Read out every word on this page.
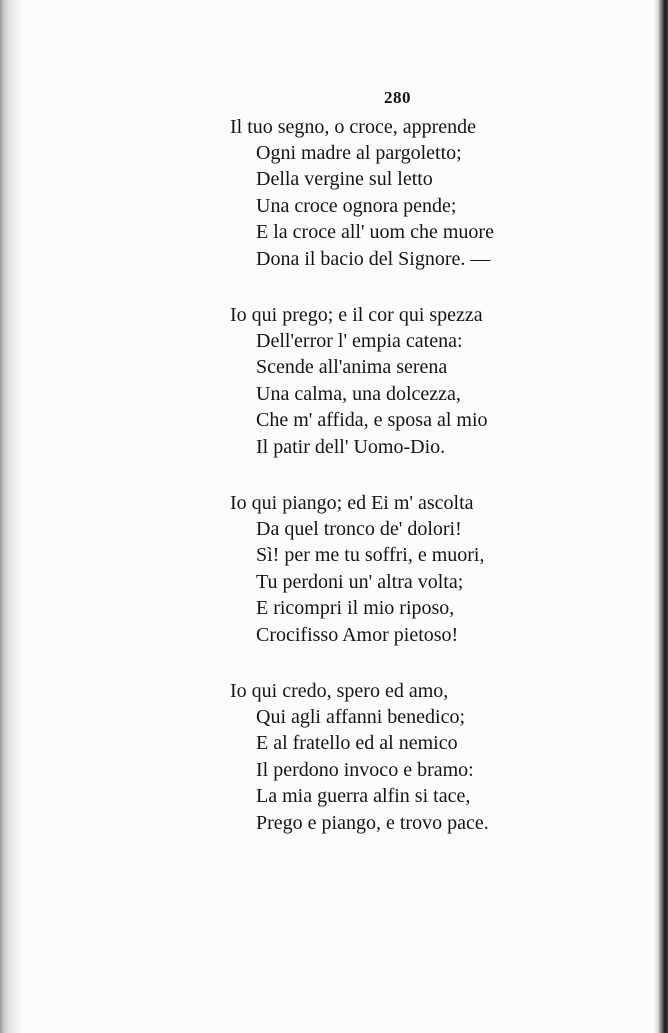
280
Il tuo segno, o croce, apprende
Ogni madre al pargoletto;
Della vergine sul letto
Una croce ognora pende;
E la croce all' uom che muore
Dona il bacio del Signore. —
Io qui prego; e il cor qui spezza
Dell'error l' empia catena:
Scende all'anima serena
Una calma, una dolcezza,
Che m' affida, e sposa al mio
Il patir dell' Uomo-Dio.
Io qui piango; ed Ei m' ascolta
Da quel tronco de' dolori!
Sì! per me tu soffri, e muori,
Tu perdoni un' altra volta;
E ricompri il mio riposo,
Crocifisso Amor pietoso!
Io qui credo, spero ed amo,
Qui agli affanni benedico;
E al fratello ed al nemico
Il perdono invoco e bramo:
La mia guerra alfin si tace,
Prego e piango, e trovo pace.
